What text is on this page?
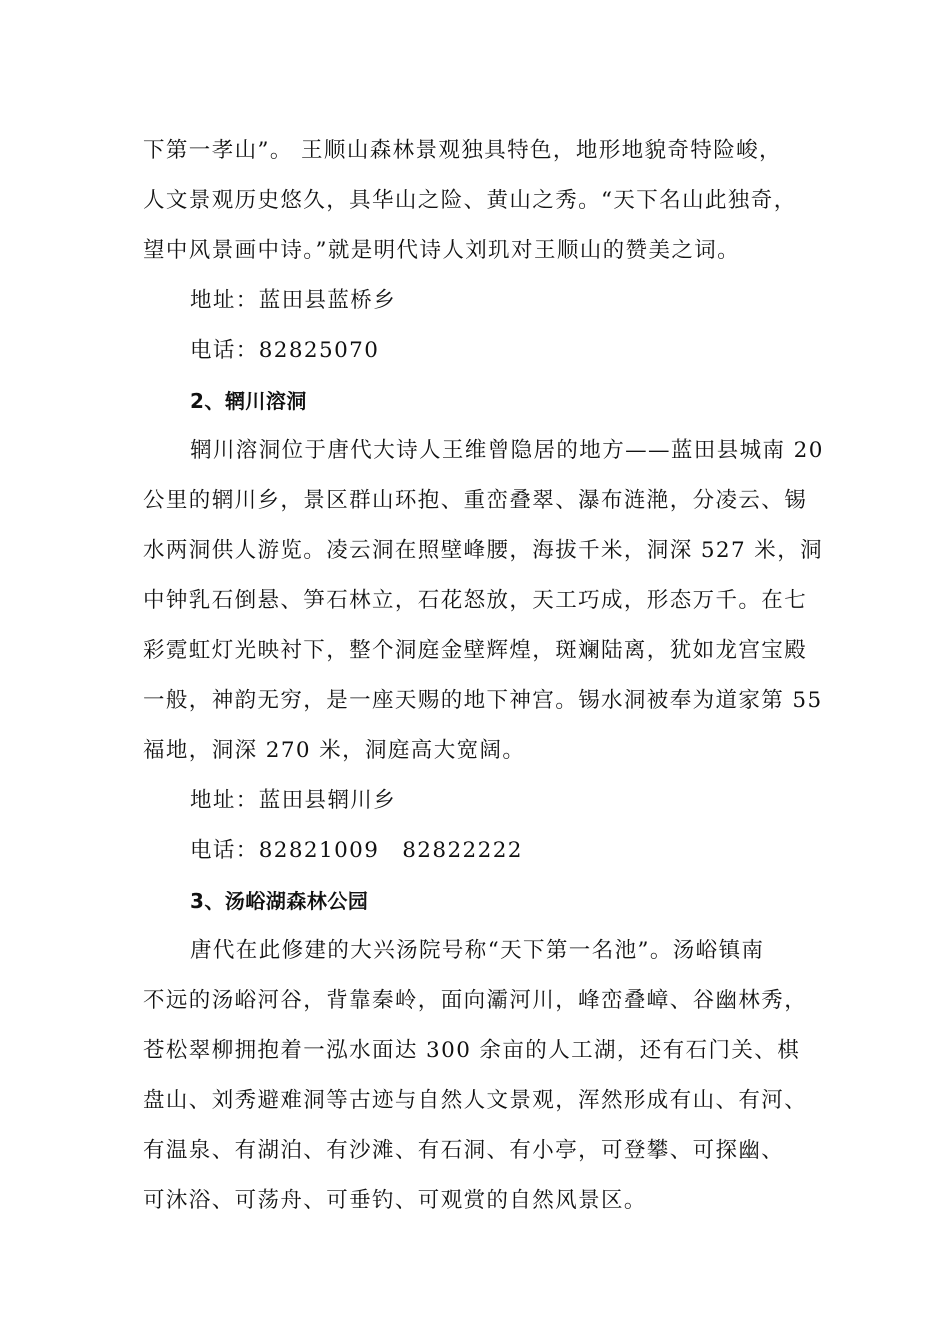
下第一孝山”。 王顺山森林景观独具特色，地形地貌奇特险峻，
人文景观历史悠久，具华山之险、黄山之秀。“天下名山此独奇，
望中风景画中诗。”就是明代诗人刘玑对王顺山的赞美之词。
地址：蓝田县蓝桥乡
电话：82825070
2、辋川溶洞
辋川溶洞位于唐代大诗人王维曾隐居的地方——蓝田县城南 20
公里的辋川乡，景区群山环抱、重峦叠翠、瀑布涟滟，分凌云、锡
水两洞供人游览。凌云洞在照壁峰腰，海拔千米，洞深 527 米，洞
中钟乳石倒悬、笋石林立，石花怒放，天工巧成，形态万千。在七
彩霓虹灯光映衬下，整个洞庭金壁辉煌，斑斓陆离，犹如龙宫宝殿
一般，神韵无穷，是一座天赐的地下神宫。锡水洞被奉为道家第 55
福地，洞深 270 米，洞庭高大宽阔。
地址：蓝田县辋川乡
电话：82821009　82822222
3、汤峪湖森林公园
唐代在此修建的大兴汤院号称“天下第一名池”。汤峪镇南
不远的汤峪河谷，背靠秦岭，面向灞河川，峰峦叠嶂、谷幽林秀，
苍松翠柳拥抱着一泓水面达 300 余亩的人工湖，还有石门关、棋
盘山、刘秀避难洞等古迹与自然人文景观，浑然形成有山、有河、
有温泉、有湖泊、有沙滩、有石洞、有小亭，可登攀、可探幽、
可沐浴、可荡舟、可垂钓、可观赏的自然风景区。
